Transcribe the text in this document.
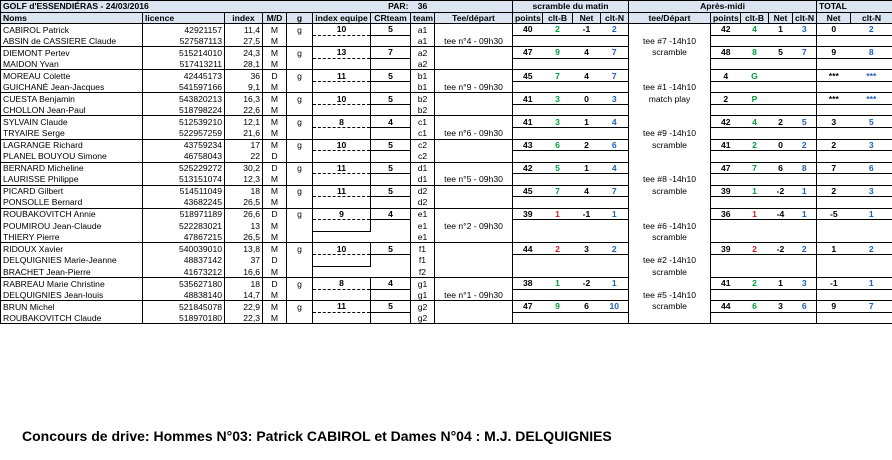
GOLF d'ESSENDIÉRAS - 24/03/2016						PAR:	36		scramble du matin				Après-midi					TOTAL	
Noms	licence	index	M/D	g	index equipe	CRteam	team	Tee/départ	points	clt-B	Net	clt-N	tee/Départ	points	clt-B	Net	clt-N	Net	clt-N
CABIROL Patrick	42921157	11,4	M	g	10	5	a1		40	2	-1	2		42	4	1	3	0	2
ABSIN de CASSIERE Claude	527587113	27,5	M				a1	tee n°4 - 09h30					tee #7 -14h10						
DIEMONT Pertev	515214010	24,3	M	g	13	7	a2		47	9	4	7	scramble	48	8	5	7	9	8
MAIDON Yvan	517413211	28,1	M				a2												
MOREAU Colette	42445173	36	D	g	11	5	b1		45	7	4	7		4	G			***	***
GUICHANÉ Jean-Jacques	541597166	9,1	M				b1	tee n°9 - 09h30					tee #1 -14h10						
CUESTA Benjamin	543820213	16,3	M	g	10	5	b2		41	3	0	3	match play	2	P			***	***
CHOLLON Jean-Paul	518798224	22,6	M				b2												
SYLVAIN Claude	512539210	12,1	M	g	8	4	c1		41	3	1	4		42	4	2	5	3	5
TRYAIRE Serge	522957259	21,6	M				c1	tee n°6 - 09h30					tee #9 -14h10						
LAGRANGE Richard	43759234	17	M	g	10	5	c2		43	6	2	6	scramble	41	2	0	2	2	3
PLANEL BOUYOU Simone	46758043	22	D				c2												
BERNARD Micheline	525229272	30,2	D	g	11	5	d1		42	5	1	4		47	7	6	8	7	6
LAURISSE Philippe	513151074	12,3	M				d1	tee n°5 - 09h30					tee #8 -14h10						
PICARD Gilbert	514511049	18	M	g	11	5	d2		45	7	4	7	scramble	39	1	-2	1	2	3
PONSOLLE Bernard	43682245	26,5	M				d2												
ROUBAKOVITCH Annie	518971189	26,6	D	g	9	4	e1		39	1	-1	1		36	1	-4	1	-5	1
POUMIROU Jean-Claude	522283021	13	M				e1	tee n°2 - 09h30					tee #6 -14h10						
THIERY Pierre	47867215	26,5	M				e1						scramble						
RIDOUX Xavier	540039010	13,8	M	g	10	5	f1		44	2	3	2		39	2	-2	2	1	2
DELQUIGNIES Marie-Jeanne	48837142	37	D				f1						tee #2 -14h10						
BRACHET Jean-Pierre	41673212	16,6	M				f2						scramble						
RABREAU Marie Christine	535627180	18	D	g	8	4	g1		38	1	-2	1		41	2	1	3	-1	1
DELQUIGNIES Jean-louis	48838140	14,7	M				g1	tee n°1 - 09h30					tee #5 -14h10						
BRUN Michel	521845078	22,9	M	g	11	5	g2		47	9	6	10	scramble	44	6	3	6	9	7
ROUBAKOVITCH Claude	518970180	22,3	M				g2												

Concours de drive: Hommes N°03: Patrick CABIROL et Dames N°04 : M.J. DELQUIGNIES
